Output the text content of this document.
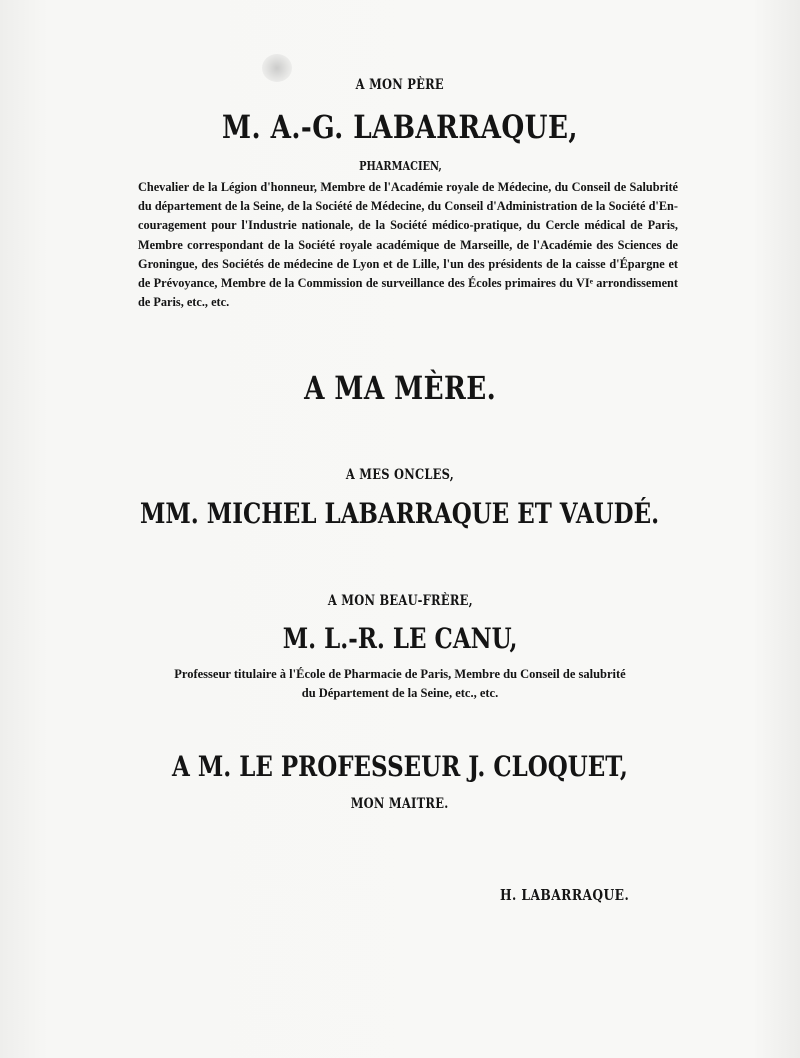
A MON PÈRE
M. A.-G. LABARRAQUE,
PHARMACIEN,
Chevalier de la Légion d'honneur, Membre de l'Académie royale de Médecine, du Conseil de Salubrité
du département de la Seine, de la Société de Médecine, du Conseil d'Administration de la Société d'En-
couragement pour l'Industrie nationale, de la Société médico-pratique, du Cercle médical de Paris,
Membre correspondant de la Société royale académique de Marseille, de l'Académie des Sciences de
Groningue, des Sociétés de médecine de Lyon et de Lille, l'un des présidents de la caisse d'Épargne et
de Prévoyance, Membre de la Commission de surveillance des Écoles primaires du VIᵉ arrondissement
de Paris, etc., etc.
A MA MÈRE.
A MES ONCLES,
MM. MICHEL LABARRAQUE ET VAUDÉ.
A MON BEAU-FRÈRE,
M. L.-R. LE CANU,
Professeur titulaire à l'École de Pharmacie de Paris, Membre du Conseil de salubrité
du Département de la Seine, etc., etc.
A M. LE PROFESSEUR J. CLOQUET,
MON MAITRE.
H. LABARRAQUE.
